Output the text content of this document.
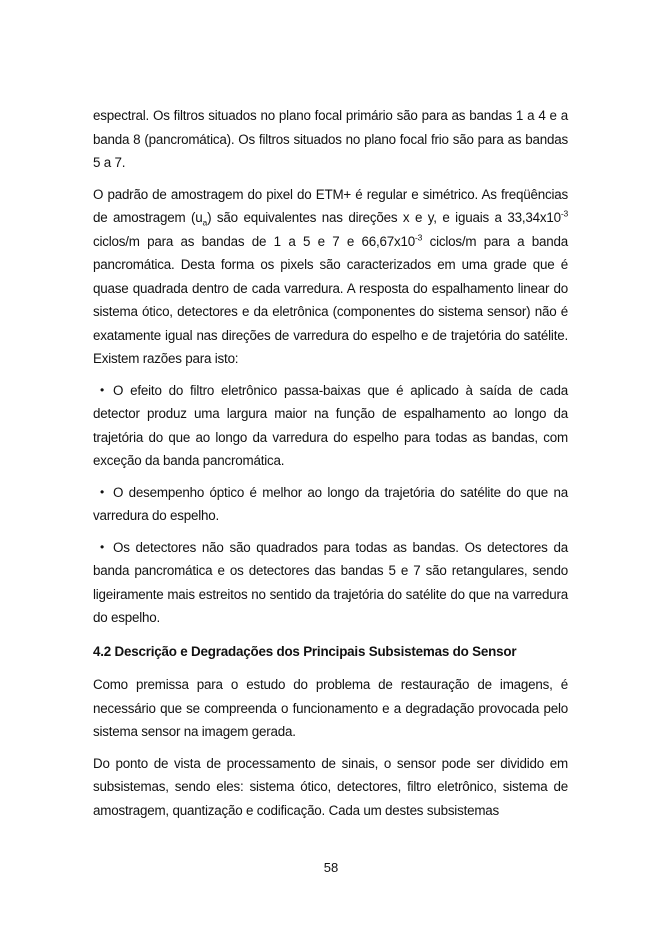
espectral. Os filtros situados no plano focal primário são para as bandas 1 a 4 e a banda 8 (pancromática). Os filtros situados no plano focal frio são para as bandas 5 a 7.

O padrão de amostragem do pixel do ETM+ é regular e simétrico. As freqüências de amostragem $(u_a)$ são equivalentes nas direções x e y, e iguais a $33,34x10^{-3}$ ciclos/m para as bandas de 1 a 5 e 7 e $66,67x10^{-3}$ ciclos/m para a banda pancromática. Desta forma os pixels são caracterizados em uma grade que é quase quadrada dentro de cada varredura. A resposta do espalhamento linear do sistema ótico, detectores e da eletrônica (componentes do sistema sensor) não é exatamente igual nas direções de varredura do espelho e de trajetória do satélite. Existem razões para isto:

• O efeito do filtro eletrônico passa-baixas que é aplicado à saída de cada detector produz uma largura maior na função de espalhamento ao longo da trajetória do que ao longo da varredura do espelho para todas as bandas, com exceção da banda pancromática.

• O desempenho óptico é melhor ao longo da trajetória do satélite do que na varredura do espelho.

• Os detectores não são quadrados para todas as bandas. Os detectores da banda pancromática e os detectores das bandas 5 e 7 são retangulares, sendo ligeiramente mais estreitos no sentido da trajetória do satélite do que na varredura do espelho.

4.2 Descrição e Degradações dos Principais Subsistemas do Sensor

Como premissa para o estudo do problema de restauração de imagens, é necessário que se compreenda o funcionamento e a degradação provocada pelo sistema sensor na imagem gerada.

Do ponto de vista de processamento de sinais, o sensor pode ser dividido em subsistemas, sendo eles: sistema ótico, detectores, filtro eletrônico, sistema de amostragem, quantização e codificação. Cada um destes subsistemas

58
